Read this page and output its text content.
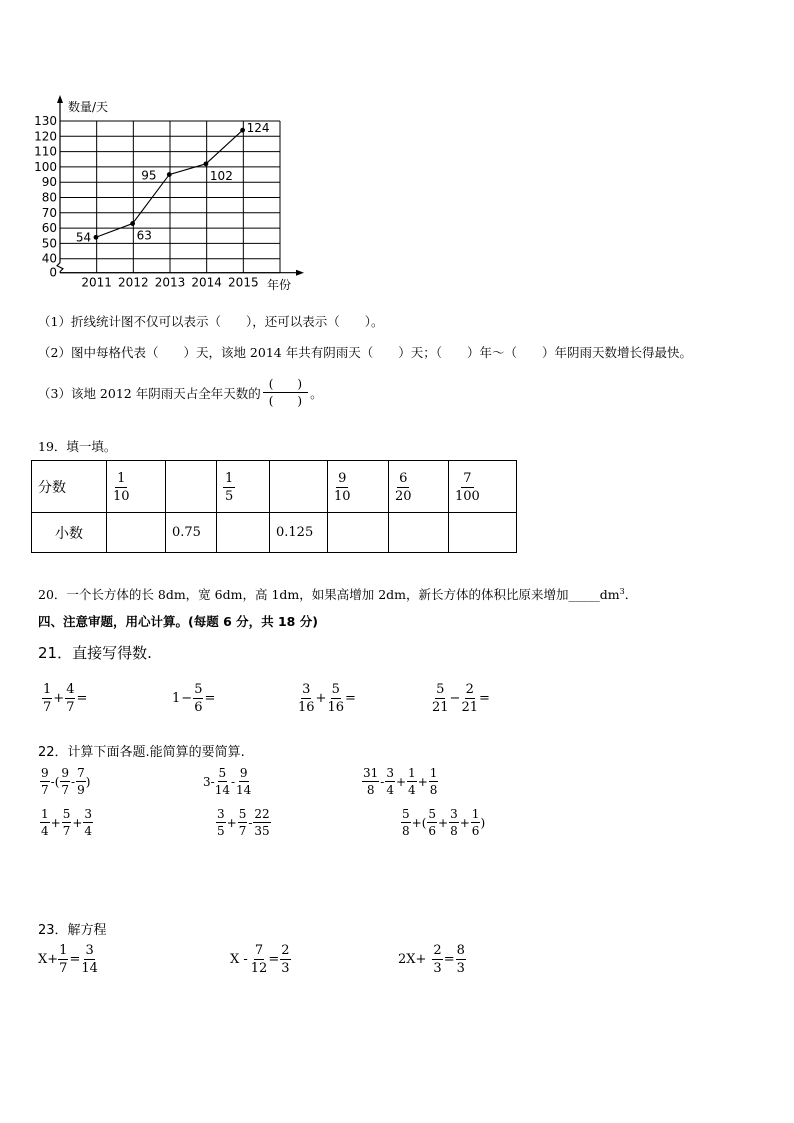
0
40
50
60
70
80
90
100
110
120
130
2011 2012 2013 2014 2015
54	63
95	102
124
数量/天
年份
（1）折线统计图不仅可以表示（　　），还可以表示（　　）。
（2）图中每格代表（　　）天，该地 2014 年共有阴雨天（　　）天；（　　）年～（　　）年阴雨天数增长得最快。
（3）该地 2012 年阴雨天占全年天数的 $\frac{( )}{( )}$ 。
19．填一填。
分数	$\frac{1}{10}$		$\frac{1}{5}$		$\frac{9}{10}$	$\frac{6}{20}$	$\frac{7}{100}$

小数		0.75		0.125			
20．一个长方体的长 8dm，宽 6dm，高 1dm，如果高增加 2dm，新长方体的体积比原来增加$\_\_\_\_\_dm^3$．
四、注意审题，用心计算。(每题 6 分，共 18 分)
21．直接写得数.
$\frac{1}{7} + \frac{4}{7}$ =	$1 - \frac{5}{6}$ =	$\frac{3}{16} + \frac{5}{16}$ =	$\frac{5}{21} - \frac{2}{21}$ =
22．计算下面各题.能简算的要简算.
$\frac{9}{7}$ -( $\frac{9}{7} - \frac{7}{9}$ )	$3- \frac{5}{14} - \frac{9}{14}$	$\frac{31}{8} - \frac{3}{4} + \frac{1}{4} + \frac{1}{8}$
$\frac{1}{4} + \frac{5}{7} + \frac{3}{4}$	$\frac{3}{5} + \frac{5}{7} - \frac{22}{35}$	$\frac{5}{8}$ +( $\frac{5}{6} + \frac{3}{8} + \frac{1}{6}$ )
23．解方程
$X+ \frac{1}{7} = \frac{3}{14}$	$X - \frac{7}{12} = \frac{2}{3}$	$2X+ \frac{2}{3} = \frac{8}{3}$
